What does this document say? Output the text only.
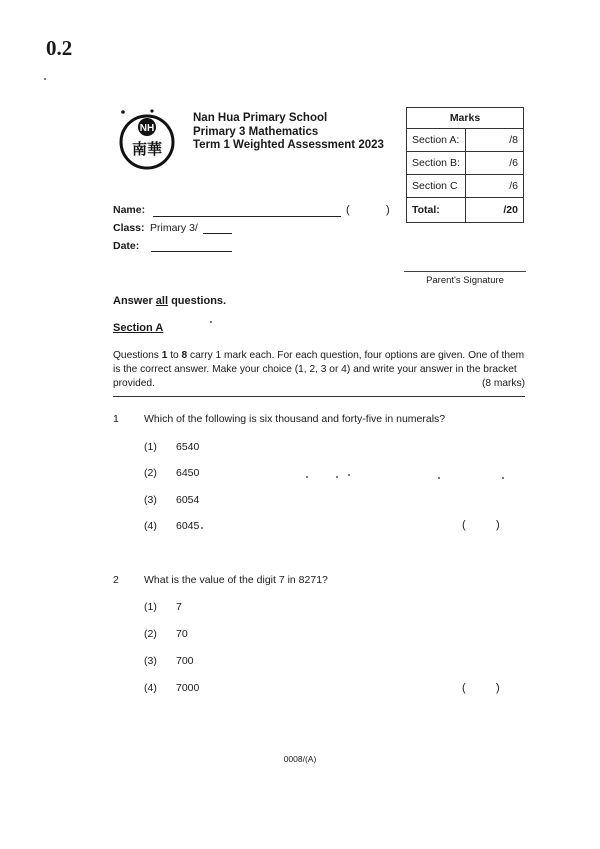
0.2
NH
南華
Nan Hua Primary School
Primary 3 Mathematics
Term 1 Weighted Assessment 2023
Marks	
Section A:	/8
Section B:	/6
Section C	/6
Total:	/20
Name:	(	)
Class: Primary 3/
Date:
Parent's Signature
Answer all questions.
Section A
Questions 1 to 8 carry 1 mark each. For each question, four options are given. One of them is the correct answer. Make your choice (1, 2, 3 or 4) and write your answer in the bracket provided.	(8 marks)
1 Which of the following is six thousand and forty-five in numerals?
(1) 6540
(2) 6450
(3) 6054
(4) 6045	(	)
2 What is the value of the digit 7 in 8271?
(1) 7
(2) 70
(3) 700
(4) 7000	(	)
0008/(A)
